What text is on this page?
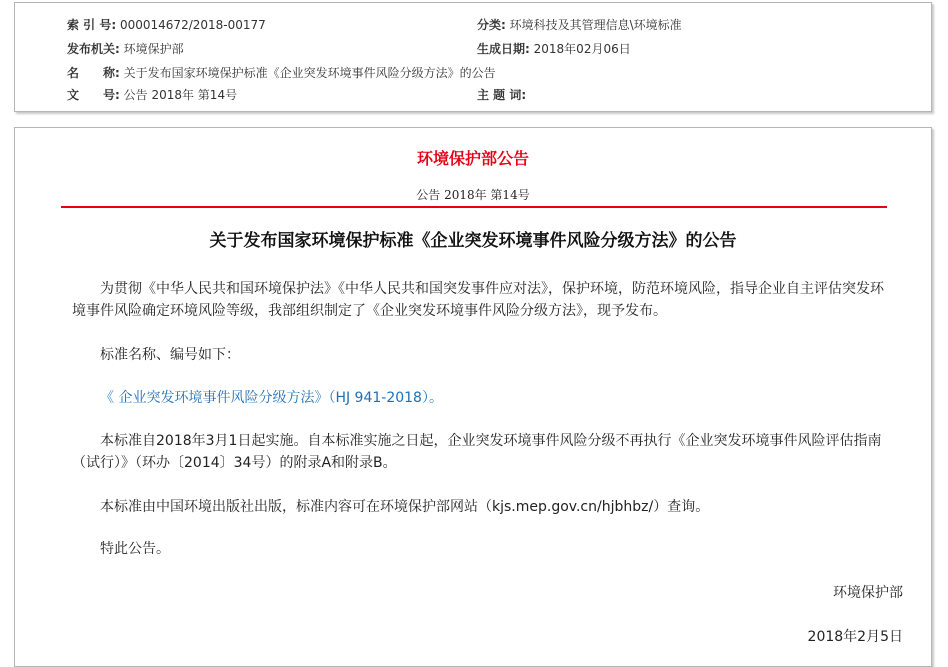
索 引 号: 000014672/2018-00177	分类: 环境科技及其管理信息\环境标准
发布机关: 环境保护部	生成日期: 2018年02月06日
名　　称: 关于发布国家环境保护标准《企业突发环境事件风险分级方法》的公告
文　　号: 公告 2018年 第14号	主 题 词:
环境保护部公告
公告 2018年 第14号
关于发布国家环境保护标准《企业突发环境事件风险分级方法》的公告
为贯彻《中华人民共和国环境保护法》《中华人民共和国突发事件应对法》，保护环境，防范环境风险，指导企业自主评估突发环境事件风险确定环境风险等级，我部组织制定了《企业突发环境事件风险分级方法》，现予发布。
标准名称、编号如下：
《 企业突发环境事件风险分级方法》（HJ 941-2018）。
本标准自2018年3月1日起实施。自本标准实施之日起，企业突发环境事件风险分级不再执行《企业突发环境事件风险评估指南（试行）》（环办〔2014〕34号）的附录A和附录B。
本标准由中国环境出版社出版，标准内容可在环境保护部网站（kjs.mep.gov.cn/hjbhbz/）查询。
特此公告。
环境保护部
2018年2月5日
